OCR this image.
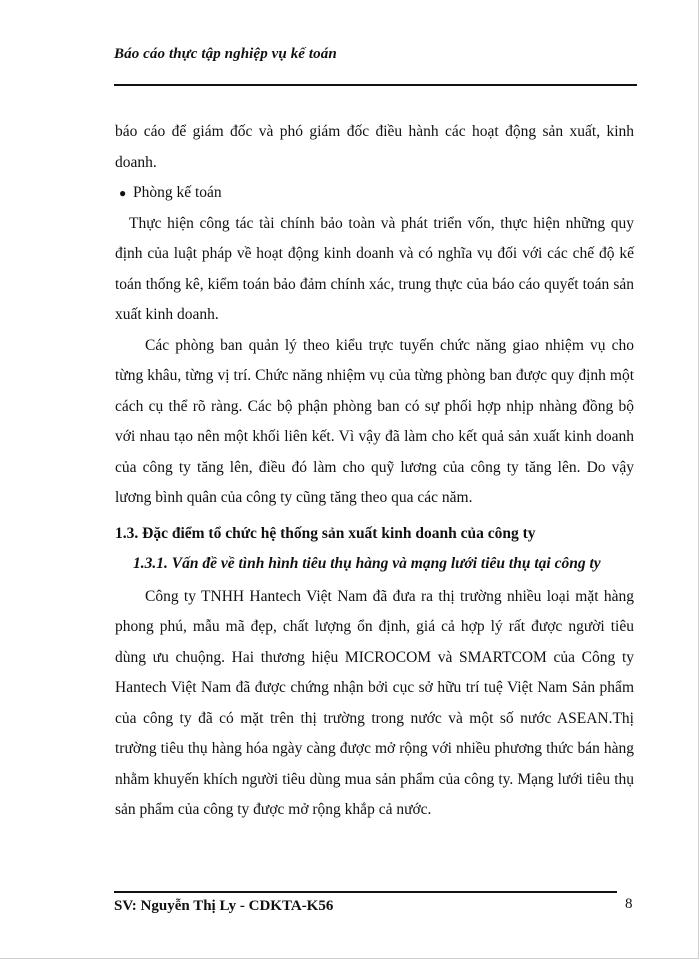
Báo cáo thực tập nghiệp vụ kế toán

báo cáo để giám đốc và phó giám đốc điều hành các hoạt động sản xuất, kinh doanh.

● Phòng kế toán

Thực hiện công tác tài chính bảo toàn và phát triển vốn, thực hiện những quy định của luật pháp về hoạt động kinh doanh và có nghĩa vụ đối với các chế độ kế toán thống kê, kiểm toán bảo đảm chính xác, trung thực của báo cáo quyết toán sản xuất kinh doanh.

Các phòng ban quản lý theo kiểu trực tuyến chức năng giao nhiệm vụ cho từng khâu, từng vị trí. Chức năng nhiệm vụ của từng phòng ban được quy định một cách cụ thể rõ ràng. Các bộ phận phòng ban có sự phối hợp nhịp nhàng đồng bộ với nhau tạo nên một khối liên kết. Vì vậy đã làm cho kết quả sản xuất kinh doanh của công ty tăng lên, điều đó làm cho quỹ lương của công ty tăng lên. Do vậy lương bình quân của công ty cũng tăng theo qua các năm.

1.3. Đặc điểm tổ chức hệ thống sản xuất kinh doanh của công ty

1.3.1. Vấn đề về tình hình tiêu thụ hàng và mạng lưới tiêu thụ tại công ty

Công ty TNHH Hantech Việt Nam đã đưa ra thị trường nhiều loại mặt hàng phong phú, mẫu mã đẹp, chất lượng ổn định, giá cả hợp lý rất được người tiêu dùng ưu chuộng. Hai thương hiệu MICROCOM và SMARTCOM của Công ty Hantech Việt Nam đã được chứng nhận bởi cục sở hữu trí tuệ Việt Nam Sản phẩm của công ty đã có mặt trên thị trường trong nước và một số nước ASEAN.Thị trường tiêu thụ hàng hóa ngày càng được mở rộng với nhiều phương thức bán hàng nhằm khuyến khích người tiêu dùng mua sản phẩm của công ty. Mạng lưới tiêu thụ sản phẩm của công ty được mở rộng khắp cả nước.

SV: Nguyễn Thị Ly - CDKTA-K56	8
